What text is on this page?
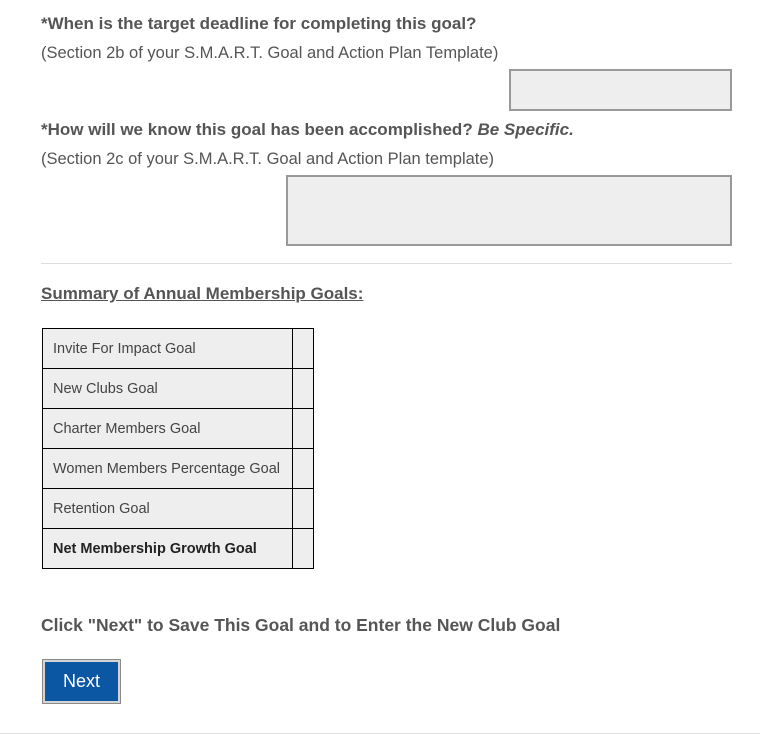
*When is the target deadline for completing this goal?
(Section 2b of your S.M.A.R.T. Goal and Action Plan Template)
*How will we know this goal has been accomplished? Be Specific.
(Section 2c of your S.M.A.R.T. Goal and Action Plan template)
Summary of Annual Membership Goals:
Invite For Impact Goal	
New Clubs Goal	
Charter Members Goal	
Women Members Percentage Goal	
Retention Goal	
Net Membership Growth Goal	
Click "Next" to Save This Goal and to Enter the New Club Goal
Next
